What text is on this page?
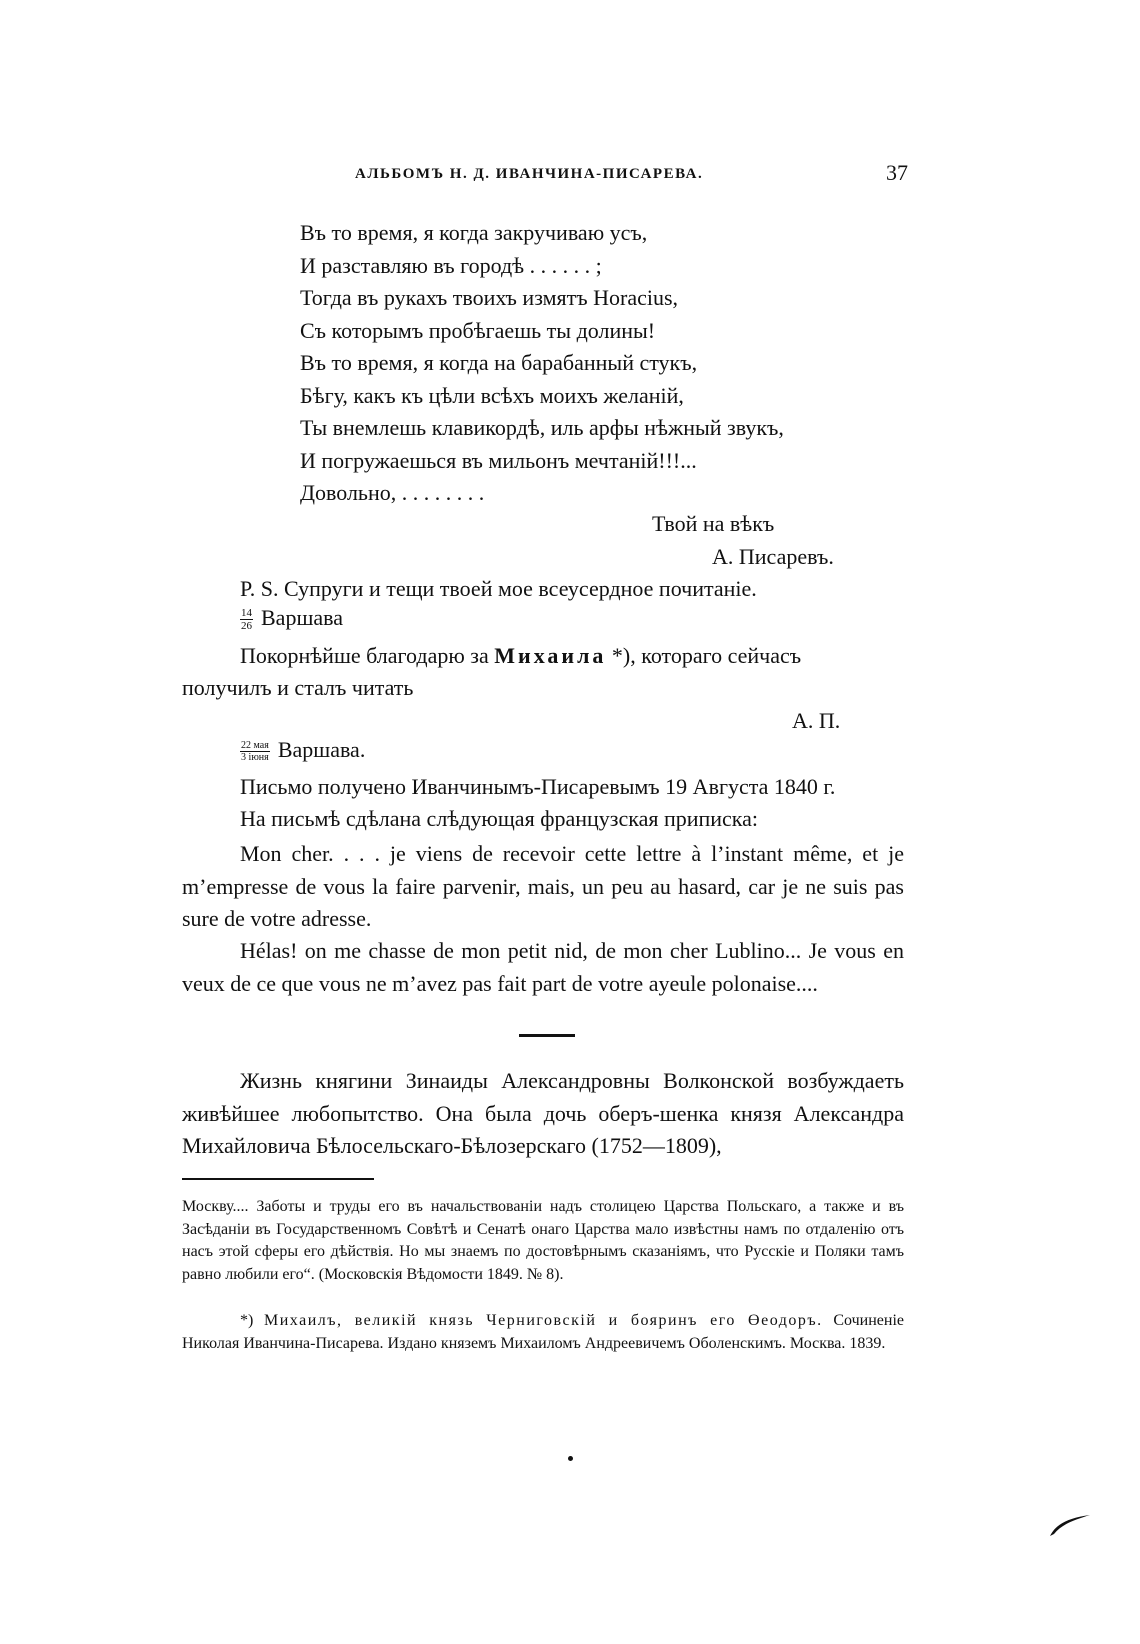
АЛЬБОМЪ Н. Д. ИВАНЧИНА-ПИСАРЕВА.	37
Въ то время, я когда закручиваю усъ,
И разставляю въ городѣ . . . . . . ;
Тогда въ рукахъ твоихъ измятъ Horacius,
Съ которымъ пробѣгаешь ты долины!
Въ то время, я когда на барабанный стукъ,
Бѣгу, какъ къ цѣли всѣхъ моихъ желаній,
Ты внемлешь клавикордѣ, иль арфы нѣжный звукъ,
И погружаешься въ мильонъ мечтаній!!!...
Довольно, . . . . . . . .
Твой на вѣкъ
А. Писаревъ.
P. S. Супруги и тещи твоей мое всеусердное почитаніе.
$\frac{14}{26}$ Варшава
Покорнѣйше благодарю за Михаила *), котораго сейчасъ
получилъ и сталъ читать
А. П.
$\frac{\text{22 мая}}{\text{3 іюня}}$ Варшава.
Письмо получено Иванчинымъ-Писаревымъ 19 Августа 1840 г.
На письмѣ сдѣлана слѣдующая французская приписка:
Mon cher. . . . je viens de recevoir cette lettre à l’instant même, et je m’empresse de vous la faire parvenir, mais, un peu au hasard, car je ne suis pas sure de votre adresse.
Hélas! on me chasse de mon petit nid, de mon cher Lublino... Je vous en veux de ce que vous ne m’avez pas fait part de votre ayeule polonaise....
Жизнь княгини Зинаиды Александровны Волконской возбуждаеть живѣйшее любопытство. Она была дочь оберъ-шенка князя Александра Михайловича Бѣлосельскаго-Бѣлозерскаго (1752—1809),
Москву.... Заботы и труды его въ начальствованіи надъ столицею Царства Польскаго, а также и въ Засѣданіи въ Государственномъ Совѣтѣ и Сенатѣ онаго Царства мало извѣстны намъ по отдаленію отъ насъ этой сферы его дѣйствія. Но мы знаемъ по достовѣрнымъ сказаніямъ, что Русскіе и Поляки тамъ равно любили его“. (Московскія Вѣдомости 1849. № 8).
*) Михаилъ, великій князь Черниговскій и бояринъ его Өеодоръ. Сочиненіе Николая Иванчина-Писарева. Издано княземъ Михаиломъ Андреевичемъ Оболенскимъ. Москва. 1839.
